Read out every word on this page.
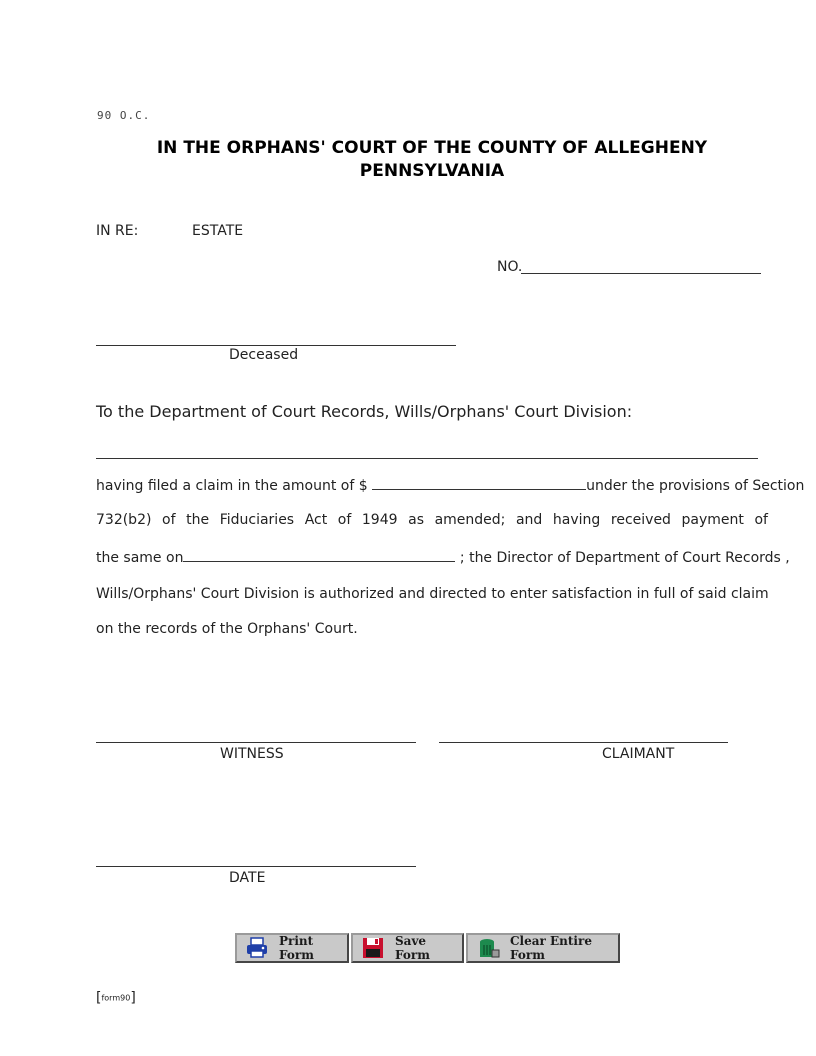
90 O.C.
IN THE ORPHANS' COURT OF THE COUNTY OF ALLEGHENY
PENNSYLVANIA
IN RE:	ESTATE
NO.
Deceased
To the Department of Court Records, Wills/Orphans' Court Division:
having filed a claim in the amount of $	under the provisions of Section
732(b2) of the Fiduciaries Act of 1949 as amended; and having received payment of
the same on	; the Director of Department of Court Records ,
Wills/Orphans' Court Division is authorized and directed to enter satisfaction in full of said claim
on the records of the Orphans' Court.
WITNESS	CLAIMANT
DATE
Print Form
Save Form
Clear Entire Form
[form90]
